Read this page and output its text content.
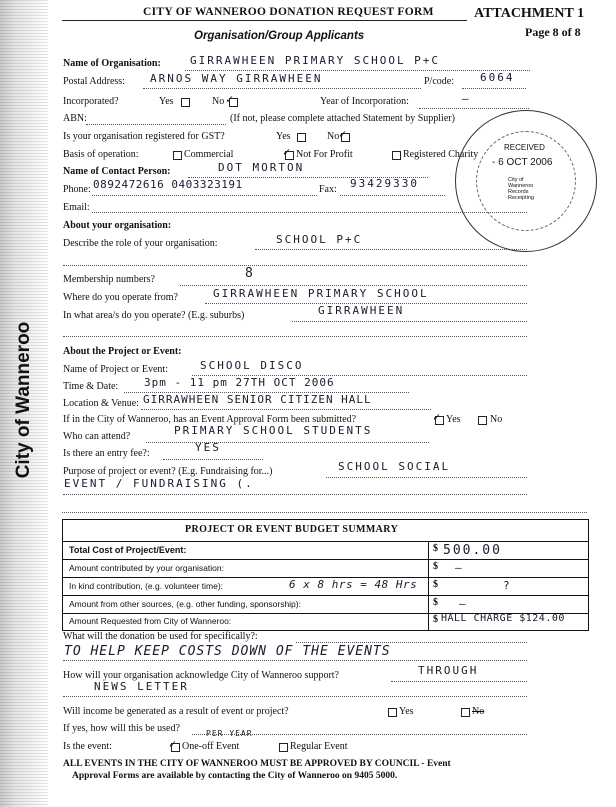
City of Wanneroo
CITY OF WANNEROO DONATION REQUEST FORM	ATTACHMENT 1
Page 8 of 8
Organisation/Group Applicants
Name of Organisation:	GIRRAWHEEN PRIMARY SCHOOL P+C
Postal Address: ARNOS WAY GIRRAWHEEN	P/code: 6064
Incorporated?	Yes	No ✓	Year of Incorporation:	–
ABN:	(If not, please complete attached Statement by Supplier)
Is your organisation registered for GST?	Yes	No ✓
Basis of operation:	Commercial	✓ Not For Profit	Registered Charity
Name of Contact Person:	DOT MORTON
Phone: 0892472616 0403323191	Fax: 93429330
Email:
RECEIVED
- 6 OCT 2006
City of Wanneroo Records Receipting
About your organisation:
Describe the role of your organisation:	SCHOOL P+C
Membership numbers?	8
Where do you operate from?	GIRRAWHEEN PRIMARY SCHOOL
In what area/s do you operate? (E.g. suburbs)	GIRRAWHEEN
About the Project or Event:
Name of Project or Event:	SCHOOL DISCO
Time & Date: 3pm - 11 pm 27TH OCT 2006
Location & Venue: GIRRAWHEEN SENIOR CITIZEN HALL
If in the City of Wanneroo, has an Event Approval Form been submitted?	✓ Yes	No
Who can attend?	PRIMARY SCHOOL STUDENTS
Is there an entry fee?:	YES
Purpose of project or event? (E.g. Fundraising for...)	SCHOOL SOCIAL
EVENT / FUNDRAISING (.
PROJECT OR EVENT BUDGET SUMMARY
Total Cost of Project/Event:	$ 500.00
Amount contributed by your organisation:	$ —
In kind contribution, (e.g. volunteer time):	6 x 8 hrs = 48 Hrs $	?
Amount from other sources, (e.g. other funding, sponsorship):	$ —
Amount Requested from City of Wanneroo:	$ HALL CHARGE $124.00
What will the donation be used for specifically?:
TO HELP KEEP COSTS DOWN OF THE EVENTS
How will your organisation acknowledge City of Wanneroo support?	THROUGH
NEWS LETTER
Will income be generated as a result of event or project?	Yes	No
If yes, how will this be used?	PER YEAR
Is the event:	✓ One-off Event	Regular Event
ALL EVENTS IN THE CITY OF WANNEROO MUST BE APPROVED BY COUNCIL - Event
Approval Forms are available by contacting the City of Wanneroo on 9405 5000.
